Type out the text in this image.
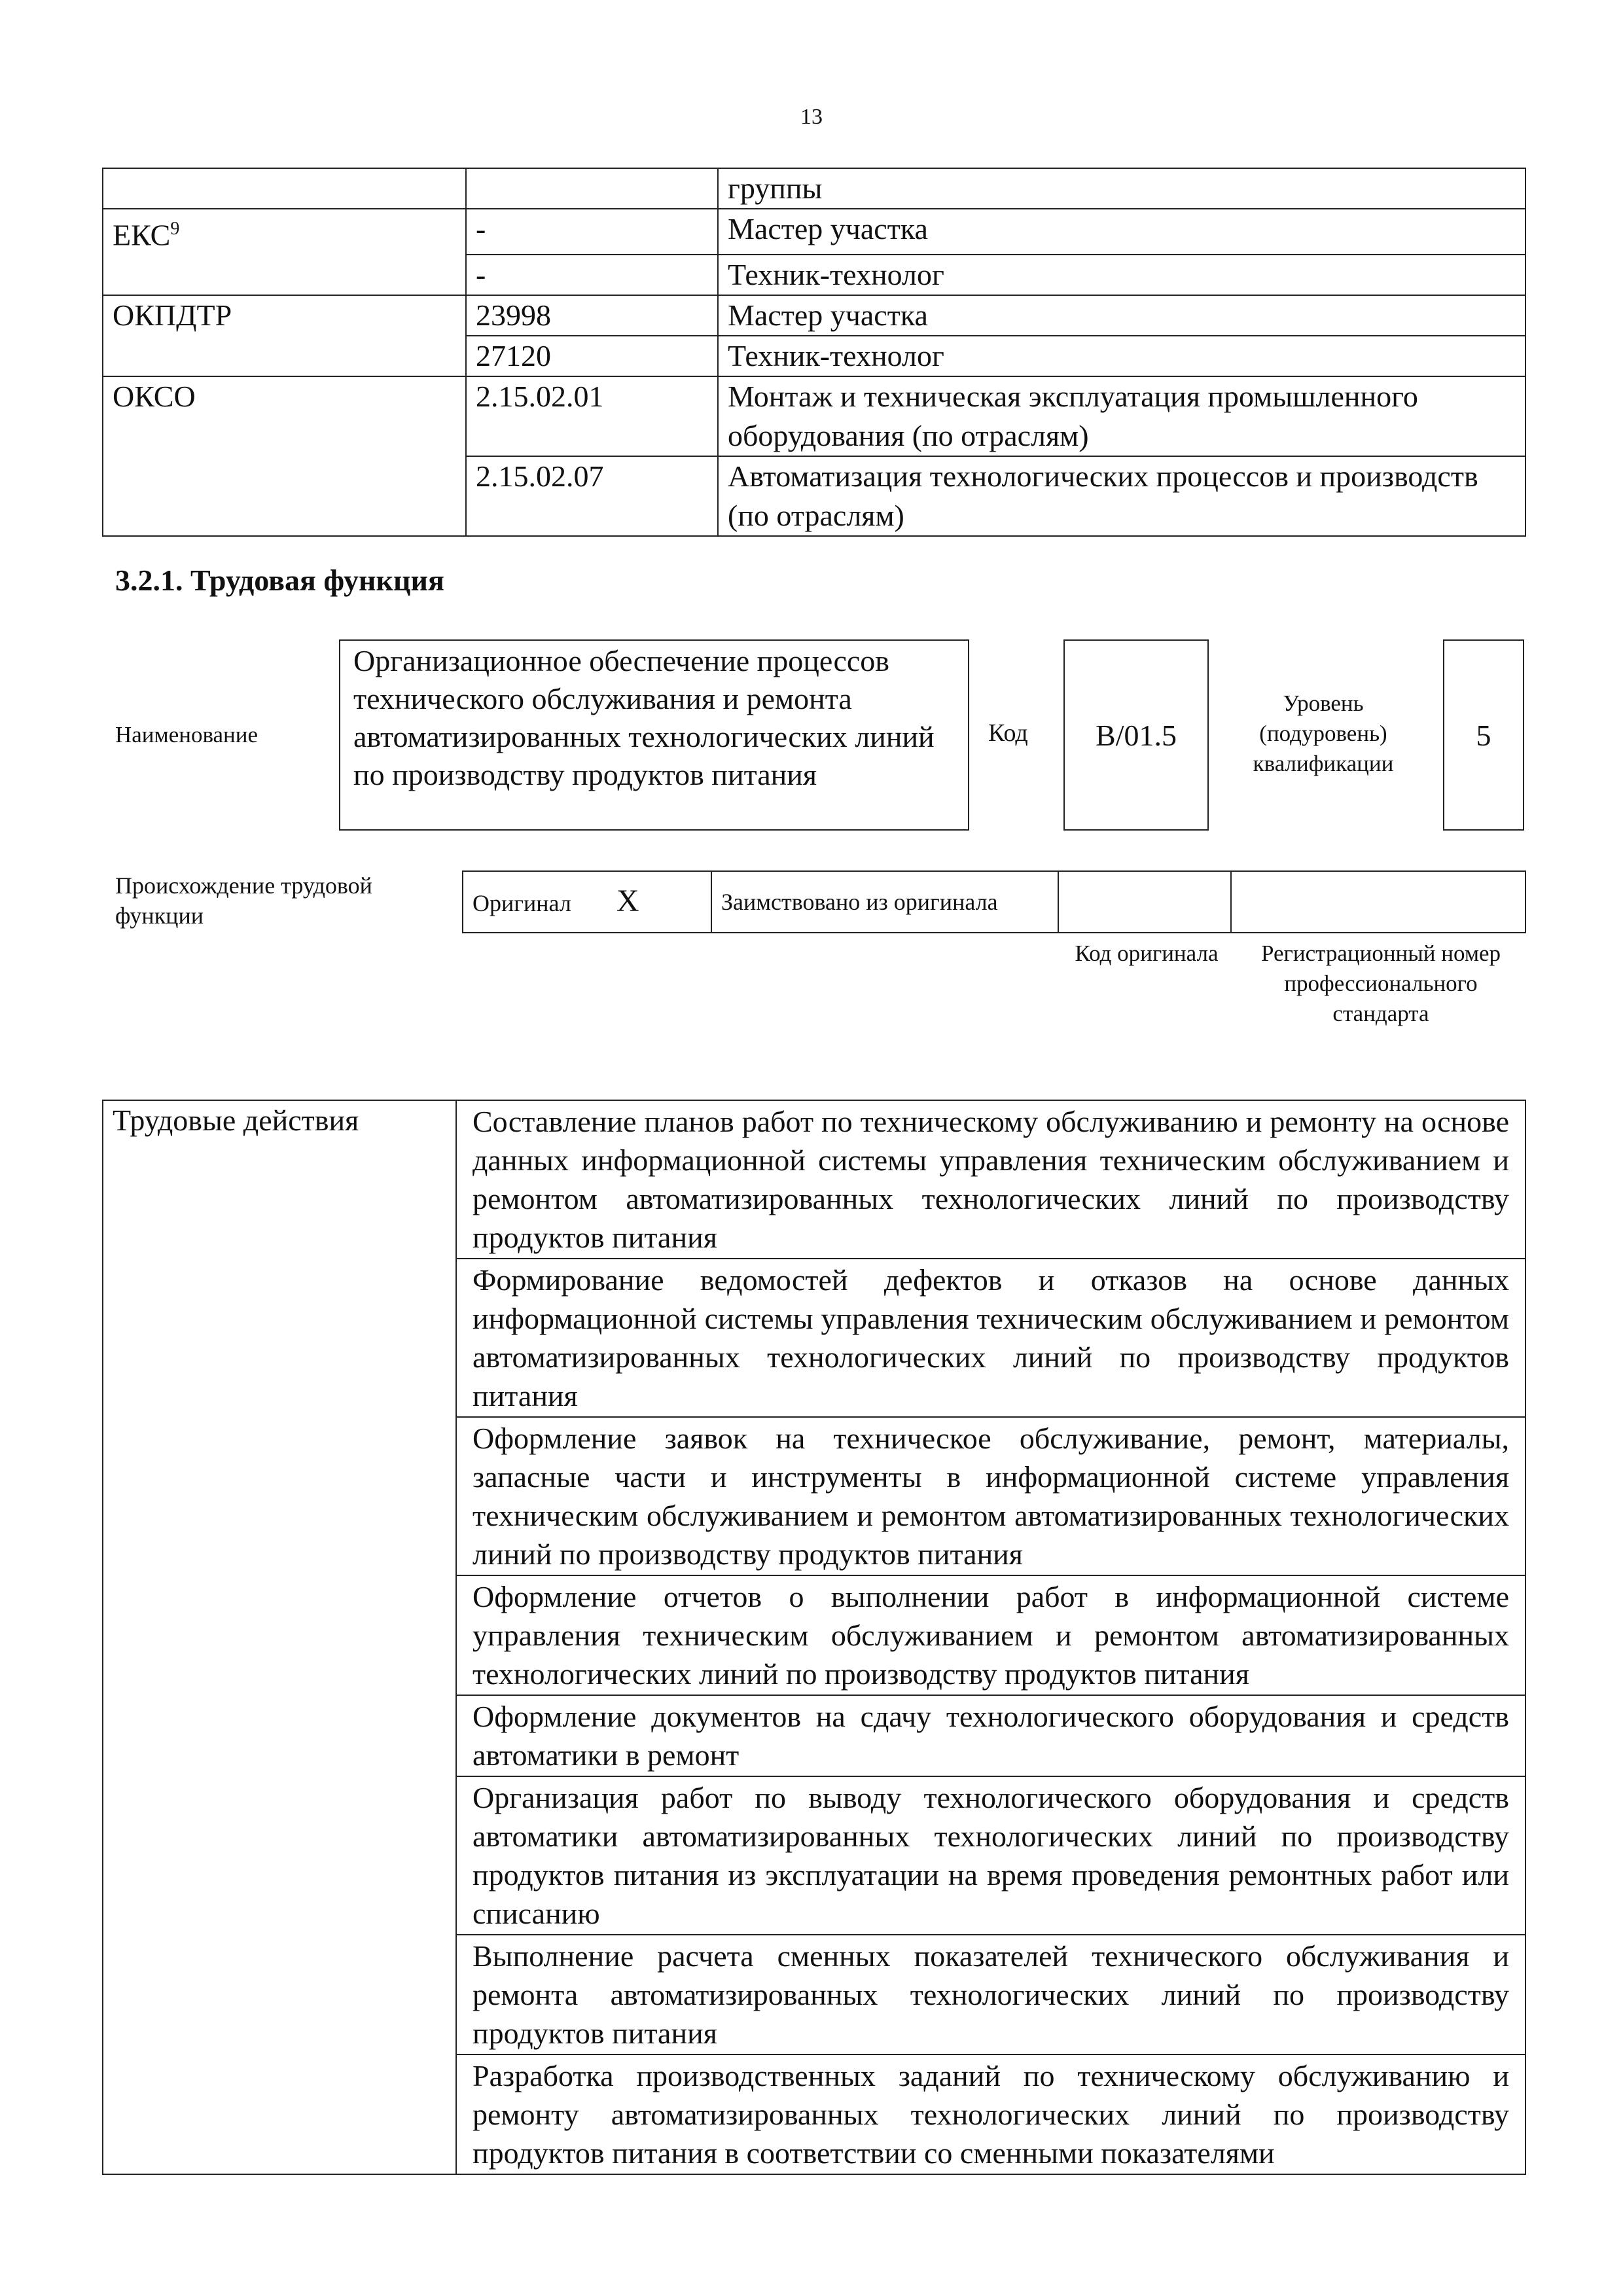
13
		группы
ЕКС$^9$	-	Мастер участка
	-	Техник-технолог
ОКПДТР	23998	Мастер участка
	27120	Техник-технолог
ОКСО	2.15.02.01	Монтаж и техническая эксплуатация промышленного оборудования (по отраслям)
	2.15.02.07	Автоматизация технологических процессов и производств (по отраслям)
3.2.1. Трудовая функция
Наименование
Организационное обеспечение процессов технического обслуживания и ремонта автоматизированных технологических линий по производству продуктов питания
Код	B/01.5
Уровень (подуровень) квалификации
5
Происхождение трудовой функции	Оригинал X	Заимствовано из оригинала		
Код оригинала	Регистрационный номер профессионального стандарта
Трудовые действия	Составление планов работ по техническому обслуживанию и ремонту на основе данных информационной системы управления техническим обслуживанием и ремонтом автоматизированных технологических линий по производству продуктов питания
Формирование ведомостей дефектов и отказов на основе данных информационной системы управления техническим обслуживанием и ремонтом автоматизированных технологических линий по производству продуктов питания
Оформление заявок на техническое обслуживание, ремонт, материалы, запасные части и инструменты в информационной системе управления техническим обслуживанием и ремонтом автоматизированных технологических линий по производству продуктов питания
Оформление отчетов о выполнении работ в информационной системе управления техническим обслуживанием и ремонтом автоматизированных технологических линий по производству продуктов питания
Оформление документов на сдачу технологического оборудования и средств автоматики в ремонт
Организация работ по выводу технологического оборудования и средств автоматики автоматизированных технологических линий по производству продуктов питания из эксплуатации на время проведения ремонтных работ или списанию
Выполнение расчета сменных показателей технического обслуживания и ремонта автоматизированных технологических линий по производству продуктов питания
Разработка производственных заданий по техническому обслуживанию и ремонту автоматизированных технологических линий по производству продуктов питания в соответствии со сменными показателями
